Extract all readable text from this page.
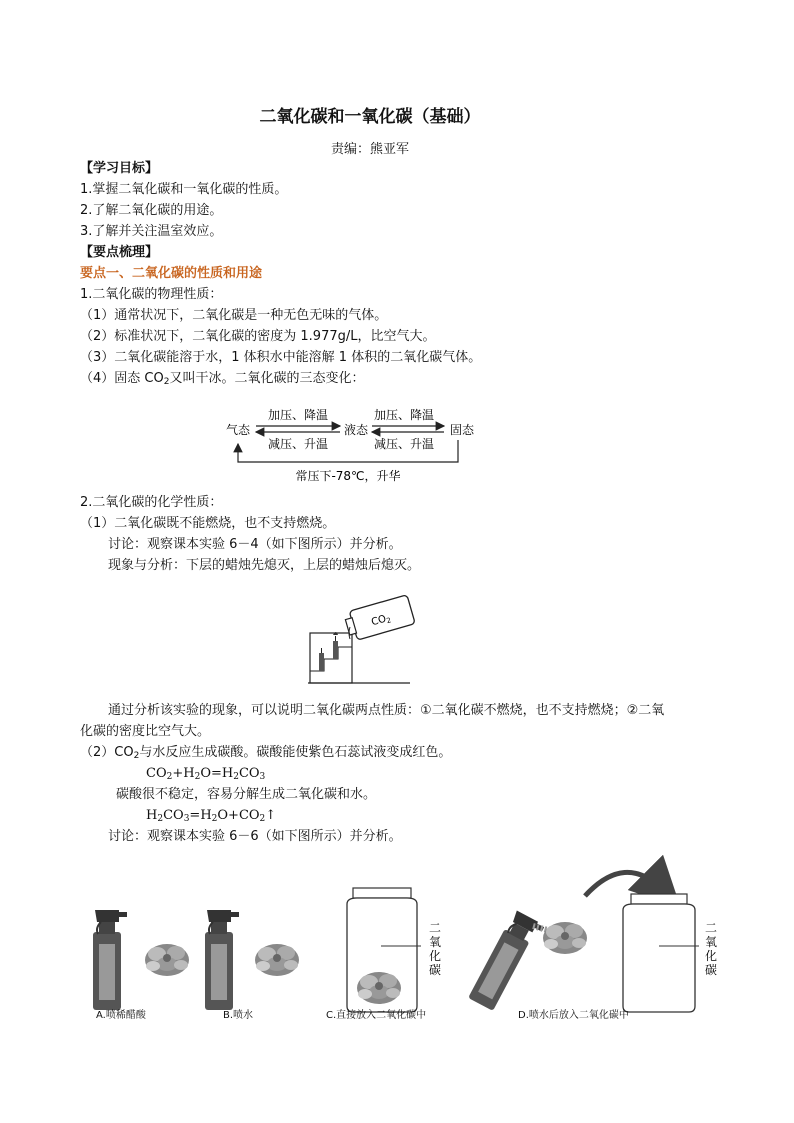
二氧化碳和一氧化碳（基础）
责编：熊亚军
【学习目标】
1.掌握二氧化碳和一氧化碳的性质。
2.了解二氧化碳的用途。
3.了解并关注温室效应。
【要点梳理】
要点一、二氧化碳的性质和用途
1.二氧化碳的物理性质：
（1）通常状况下，二氧化碳是一种无色无味的气体。
（2）标准状况下，二氧化碳的密度为 1.977g/L，比空气大。
（3）二氧化碳能溶于水，1 体积水中能溶解 1 体积的二氧化碳气体。
（4）固态 $CO_2$又叫干冰。二氧化碳的三态变化：
气态	液态	固态
加压、降温	加压、降温
减压、升温	减压、升温
常压下-78℃，升华
2.二氧化碳的化学性质：
（1）二氧化碳既不能燃烧，也不支持燃烧。
讨论：观察课本实验 6－4（如下图所示）并分析。
现象与分析：下层的蜡烛先熄灭，上层的蜡烛后熄灭。
$CO_2$
通过分析该实验的现象，可以说明二氧化碳两点性质：①二氧化碳不燃烧，也不支持燃烧；②二氧
化碳的密度比空气大。
$(2)CO_2$与水反应生成碳酸。碳酸能使紫色石蕊试液变成红色。
$CO_2+H_2O=H_2CO_3$
碳酸很不稳定，容易分解生成二氧化碳和水。
$H_2CO_3=H_2O+CO_2↑$
讨论：观察课本实验 6－6（如下图所示）并分析。
二
氧
化
碳
二
氧
化
碳
A.喷稀醋酸	B.喷水	C.直接放入二氧化碳中	D.喷水后放入二氧化碳中
